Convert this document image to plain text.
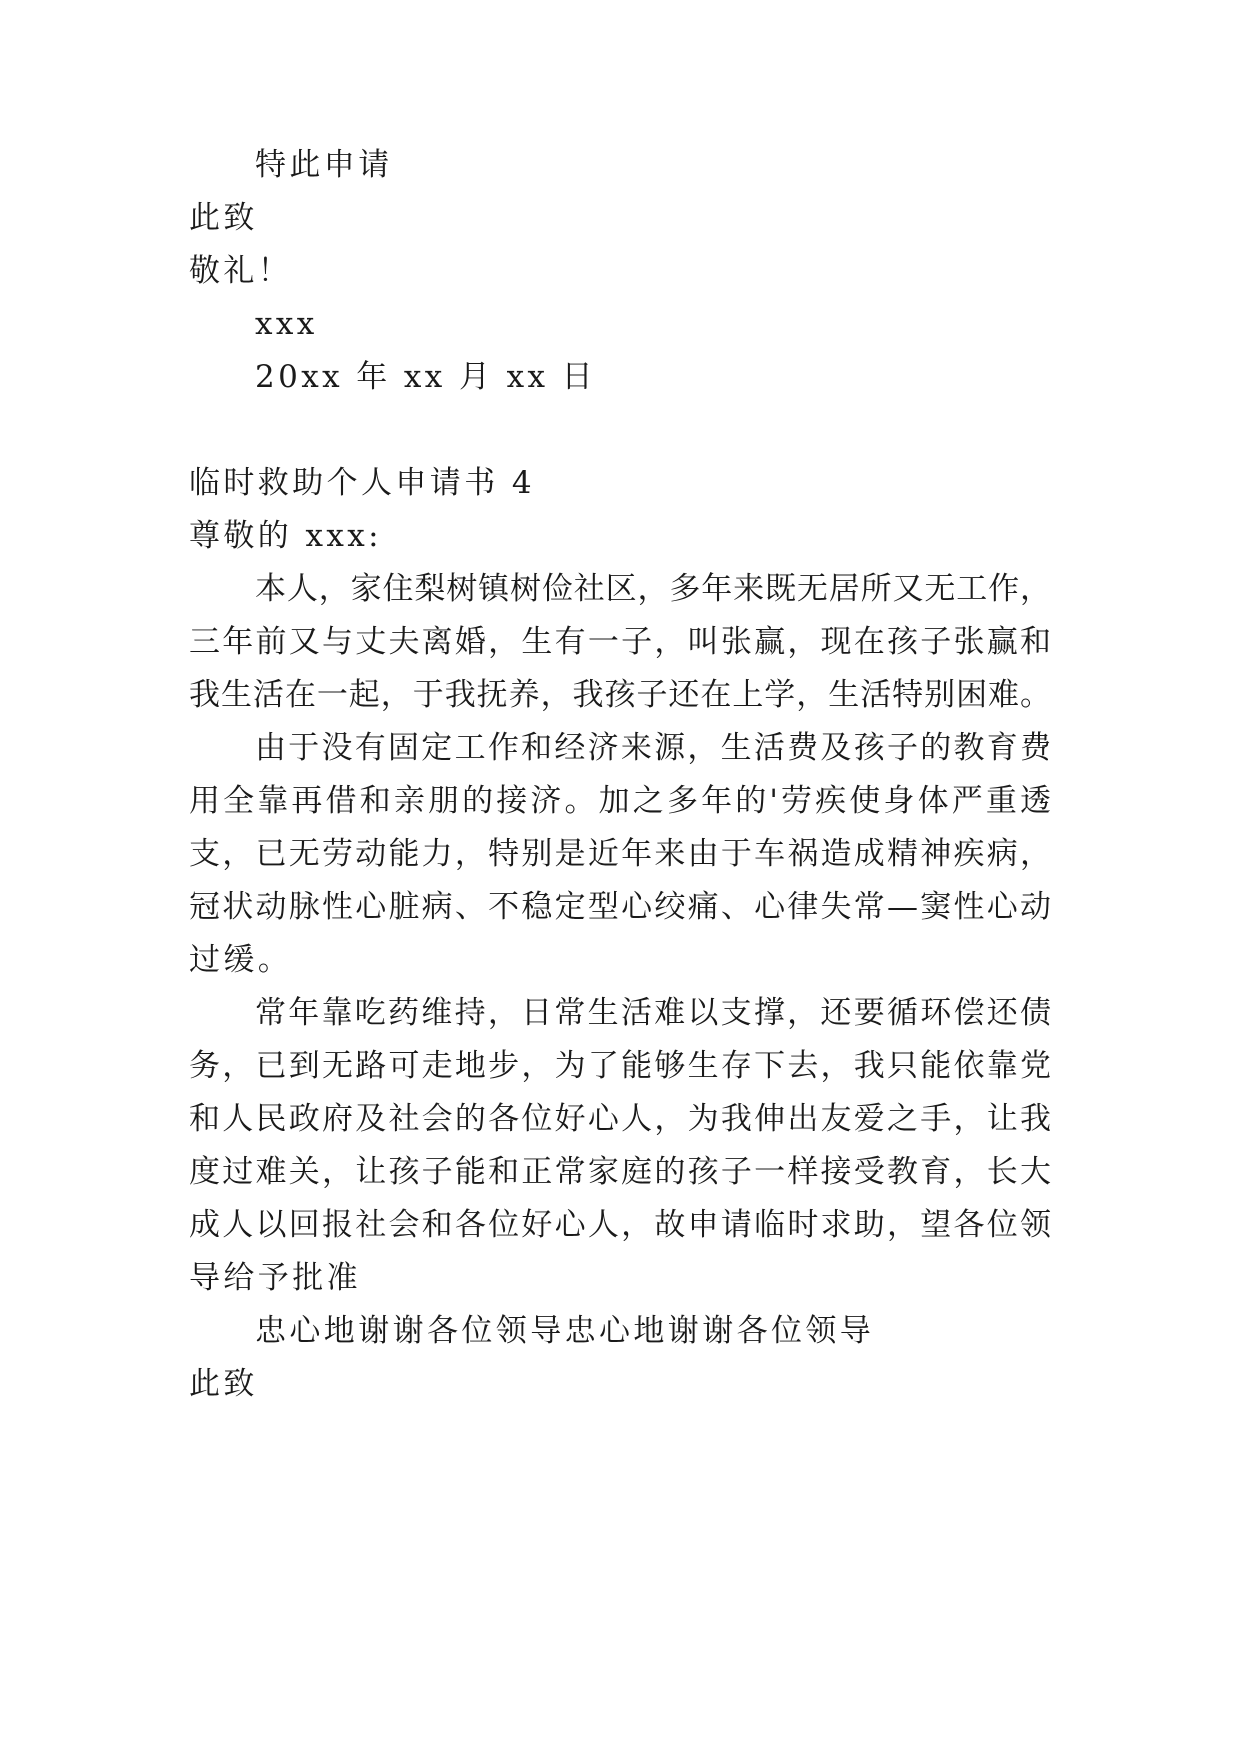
特此申请
此致
敬礼！
xxx
20xx 年 xx 月 xx 日
临时救助个人申请书 4
尊敬的 xxx:
本人，家住梨树镇树俭社区，多年来既无居所又无工作，
三年前又与丈夫离婚，生有一子，叫张赢，现在孩子张赢和
我生活在一起，于我抚养，我孩子还在上学，生活特别困难。
由于没有固定工作和经济来源，生活费及孩子的教育费
用全靠再借和亲朋的接济。加之多年的'劳疾使身体严重透
支，已无劳动能力，特别是近年来由于车祸造成精神疾病，
冠状动脉性心脏病、不稳定型心绞痛、心律失常—窦性心动
过缓。
常年靠吃药维持，日常生活难以支撑，还要循环偿还债
务，已到无路可走地步，为了能够生存下去，我只能依靠党
和人民政府及社会的各位好心人，为我伸出友爱之手，让我
度过难关，让孩子能和正常家庭的孩子一样接受教育，长大
成人以回报社会和各位好心人，故申请临时求助，望各位领
导给予批准
忠心地谢谢各位领导忠心地谢谢各位领导
此致
